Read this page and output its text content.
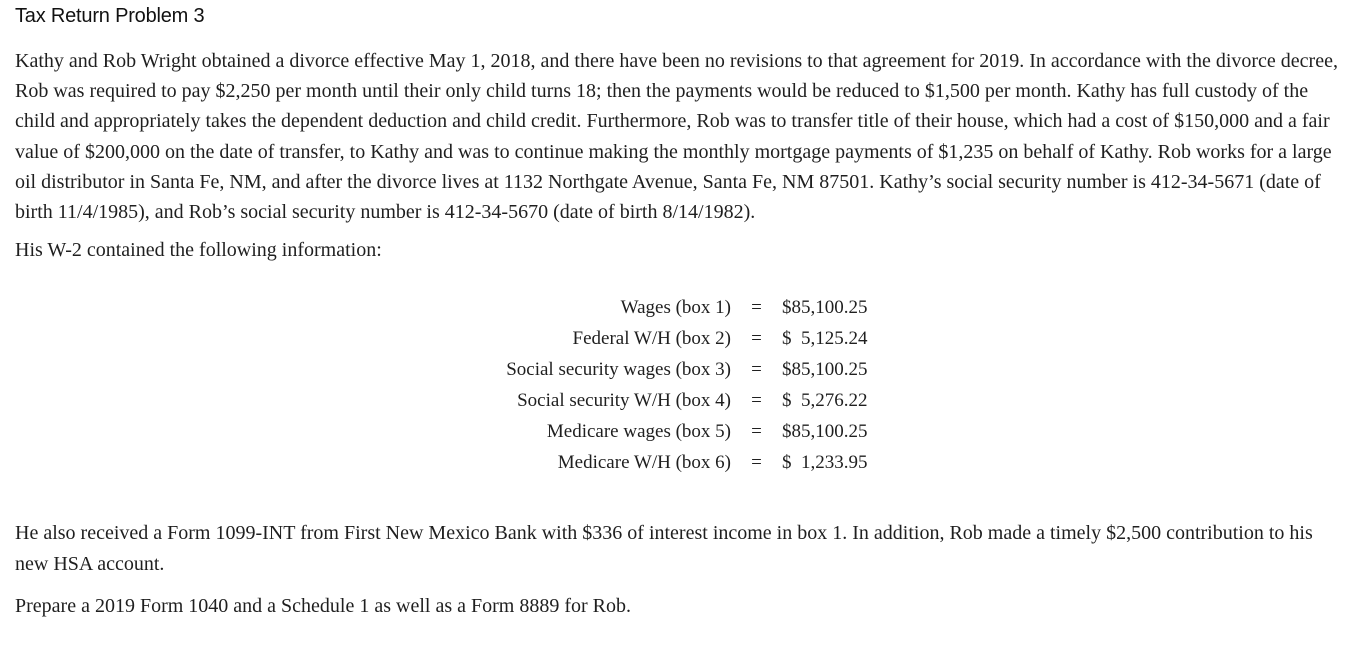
Tax Return Problem 3

Kathy and Rob Wright obtained a divorce effective May 1, 2018, and there have been no revisions to that agreement for 2019. In accordance with the divorce decree, Rob was required to pay $2,250 per month until their only child turns 18; then the payments would be reduced to $1,500 per month. Kathy has full custody of the child and appropriately takes the dependent deduction and child credit. Furthermore, Rob was to transfer title of their house, which had a cost of $150,000 and a fair value of $200,000 on the date of transfer, to Kathy and was to continue making the monthly mortgage payments of $1,235 on behalf of Kathy. Rob works for a large oil distributor in Santa Fe, NM, and after the divorce lives at 1132 Northgate Avenue, Santa Fe, NM 87501. Kathy’s social security number is 412-34-5671 (date of birth 11/4/1985), and Rob’s social security number is 412-34-5670 (date of birth 8/14/1982).

His W-2 contained the following information:

Wages (box 1)	=	$85,100.25
Federal W/H (box 2)	=	$  5,125.24
Social security wages (box 3)	=	$85,100.25
Social security W/H (box 4)	=	$  5,276.22
Medicare wages (box 5)	=	$85,100.25
Medicare W/H (box 6)	=	$  1,233.95

He also received a Form 1099-INT from First New Mexico Bank with $336 of interest income in box 1. In addition, Rob made a timely $2,500 contribution to his new HSA account.

Prepare a 2019 Form 1040 and a Schedule 1 as well as a Form 8889 for Rob.
